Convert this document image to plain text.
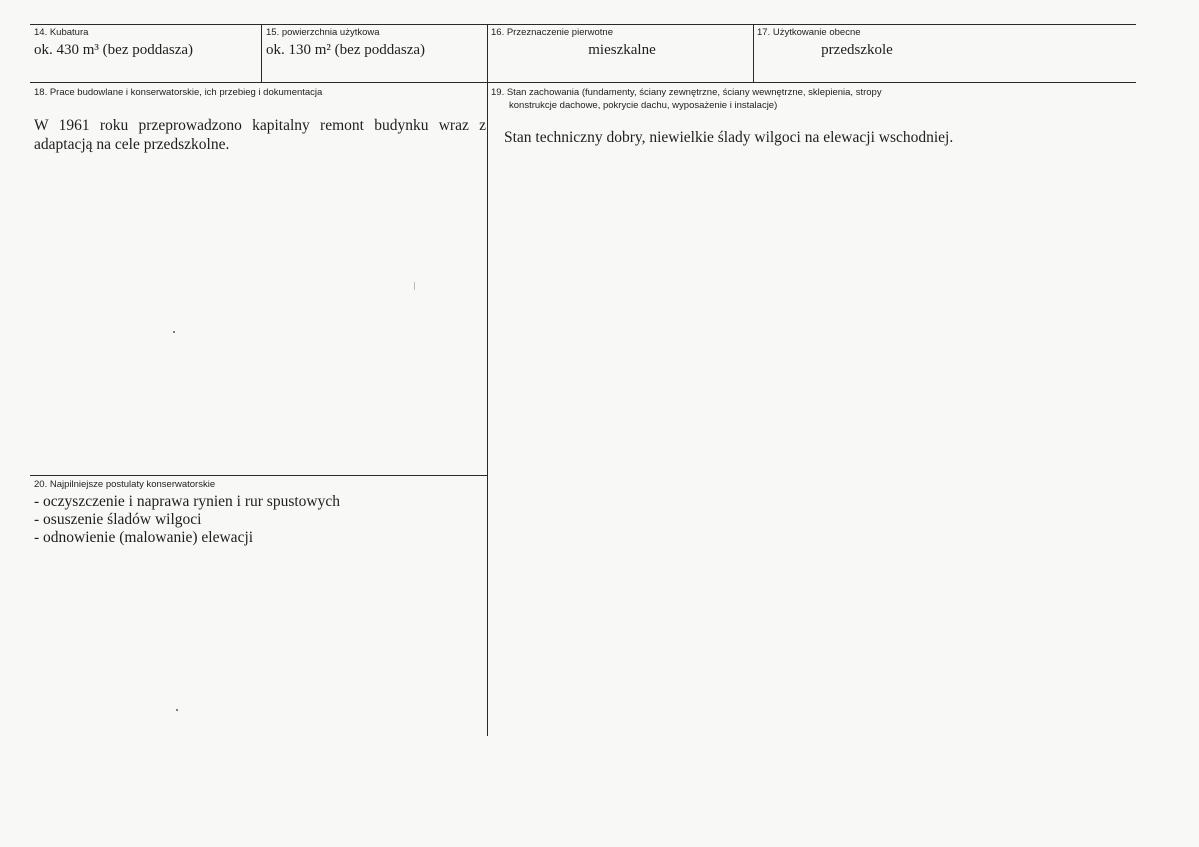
14. Kubatura
ok. 430 m³ (bez poddasza)
15. powierzchnia użytkowa
ok. 130 m² (bez poddasza)
16. Przeznaczenie pierwotne
mieszkalne
17. Użytkowanie obecne
przedszkole
18. Prace budowlane i konserwatorskie, ich przebieg i dokumentacja
W 1961 roku przeprowadzono kapitalny remont budynku wraz z adaptacją na cele przedszkolne.
19. Stan zachowania (fundamenty, ściany zewnętrzne, ściany wewnętrzne, sklepienia, stropy
konstrukcje dachowe, pokrycie dachu, wyposażenie i instalacje)
Stan techniczny dobry, niewielkie ślady wilgoci na elewacji wschodniej.
20. Najpilniejsze postulaty konserwatorskie
- oczyszczenie i naprawa rynien i rur spustowych
- osuszenie śladów wilgoci
- odnowienie (malowanie) elewacji
